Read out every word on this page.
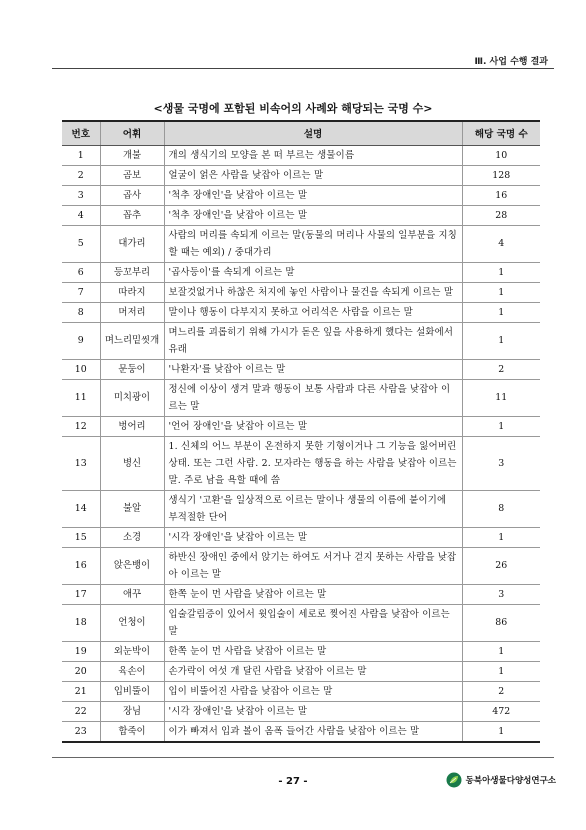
Ⅲ. 사업 수행 결과
<생물 국명에 포함된 비속어의 사례와 해당되는 국명 수>
번호	어휘	설명	해당 국명 수
1	개불	개의 생식기의 모양을 본 떠 부르는 생물이름	10
2	곰보	얼굴이 얽은 사람을 낮잡아 이르는 말	128
3	곱사	'척추 장애인'을 낮잡아 이르는 말	16
4	꼽추	'척추 장애인'을 낮잡아 이르는 말	28
5	대가리	사람의 머리를 속되게 이르는 말(동물의 머리나 사물의 일부분을 지칭할 때는 예외) / 중대가리	4
6	등꼬부리	'곱사등이'를 속되게 이르는 말	1
7	따라지	보잘것없거나 하찮은 처지에 놓인 사람이나 물건을 속되게 이르는 말	1
8	머저리	말이나 행동이 다부지지 못하고 어리석은 사람을 이르는 말	1
9	며느리밑씻개	며느리를 괴롭히기 위해 가시가 돋은 잎을 사용하게 했다는 설화에서 유래	1
10	문둥이	'나환자'를 낮잡아 이르는 말	2
11	미치광이	정신에 이상이 생겨 말과 행동이 보통 사람과 다른 사람을 낮잡아 이르는 말	11
12	벙어리	'언어 장애인'을 낮잡아 이르는 말	1
13	병신	1. 신체의 어느 부분이 온전하지 못한 기형이거나 그 기능을 잃어버린 상태. 또는 그런 사람. 2. 모자라는 행동을 하는 사람을 낮잡아 이르는 말. 주로 남을 욕할 때에 씀	3
14	불알	생식기 '고환'을 일상적으로 이르는 말이나 생물의 이름에 붙이기에 부적절한 단어	8
15	소경	'시각 장애인'을 낮잡아 이르는 말	1
16	앉은뱅이	하반신 장애인 중에서 앉기는 하여도 서거나 걷지 못하는 사람을 낮잡아 이르는 말	26
17	애꾸	한쪽 눈이 먼 사람을 낮잡아 이르는 말	3
18	언청이	입술갈림증이 있어서 윗입술이 세로로 찢어진 사람을 낮잡아 이르는 말	86
19	외눈박이	한쪽 눈이 먼 사람을 낮잡아 이르는 말	1
20	육손이	손가락이 여섯 개 달린 사람을 낮잡아 이르는 말	1
21	입비뚤이	입이 비뚤어진 사람을 낮잡아 이르는 말	2
22	장님	'시각 장애인'을 낮잡아 이르는 말	472
23	합죽이	이가 빠져서 입과 볼이 옴폭 들어간 사람을 낮잡아 이르는 말	1
- 27 -	동북아생물다양성연구소
